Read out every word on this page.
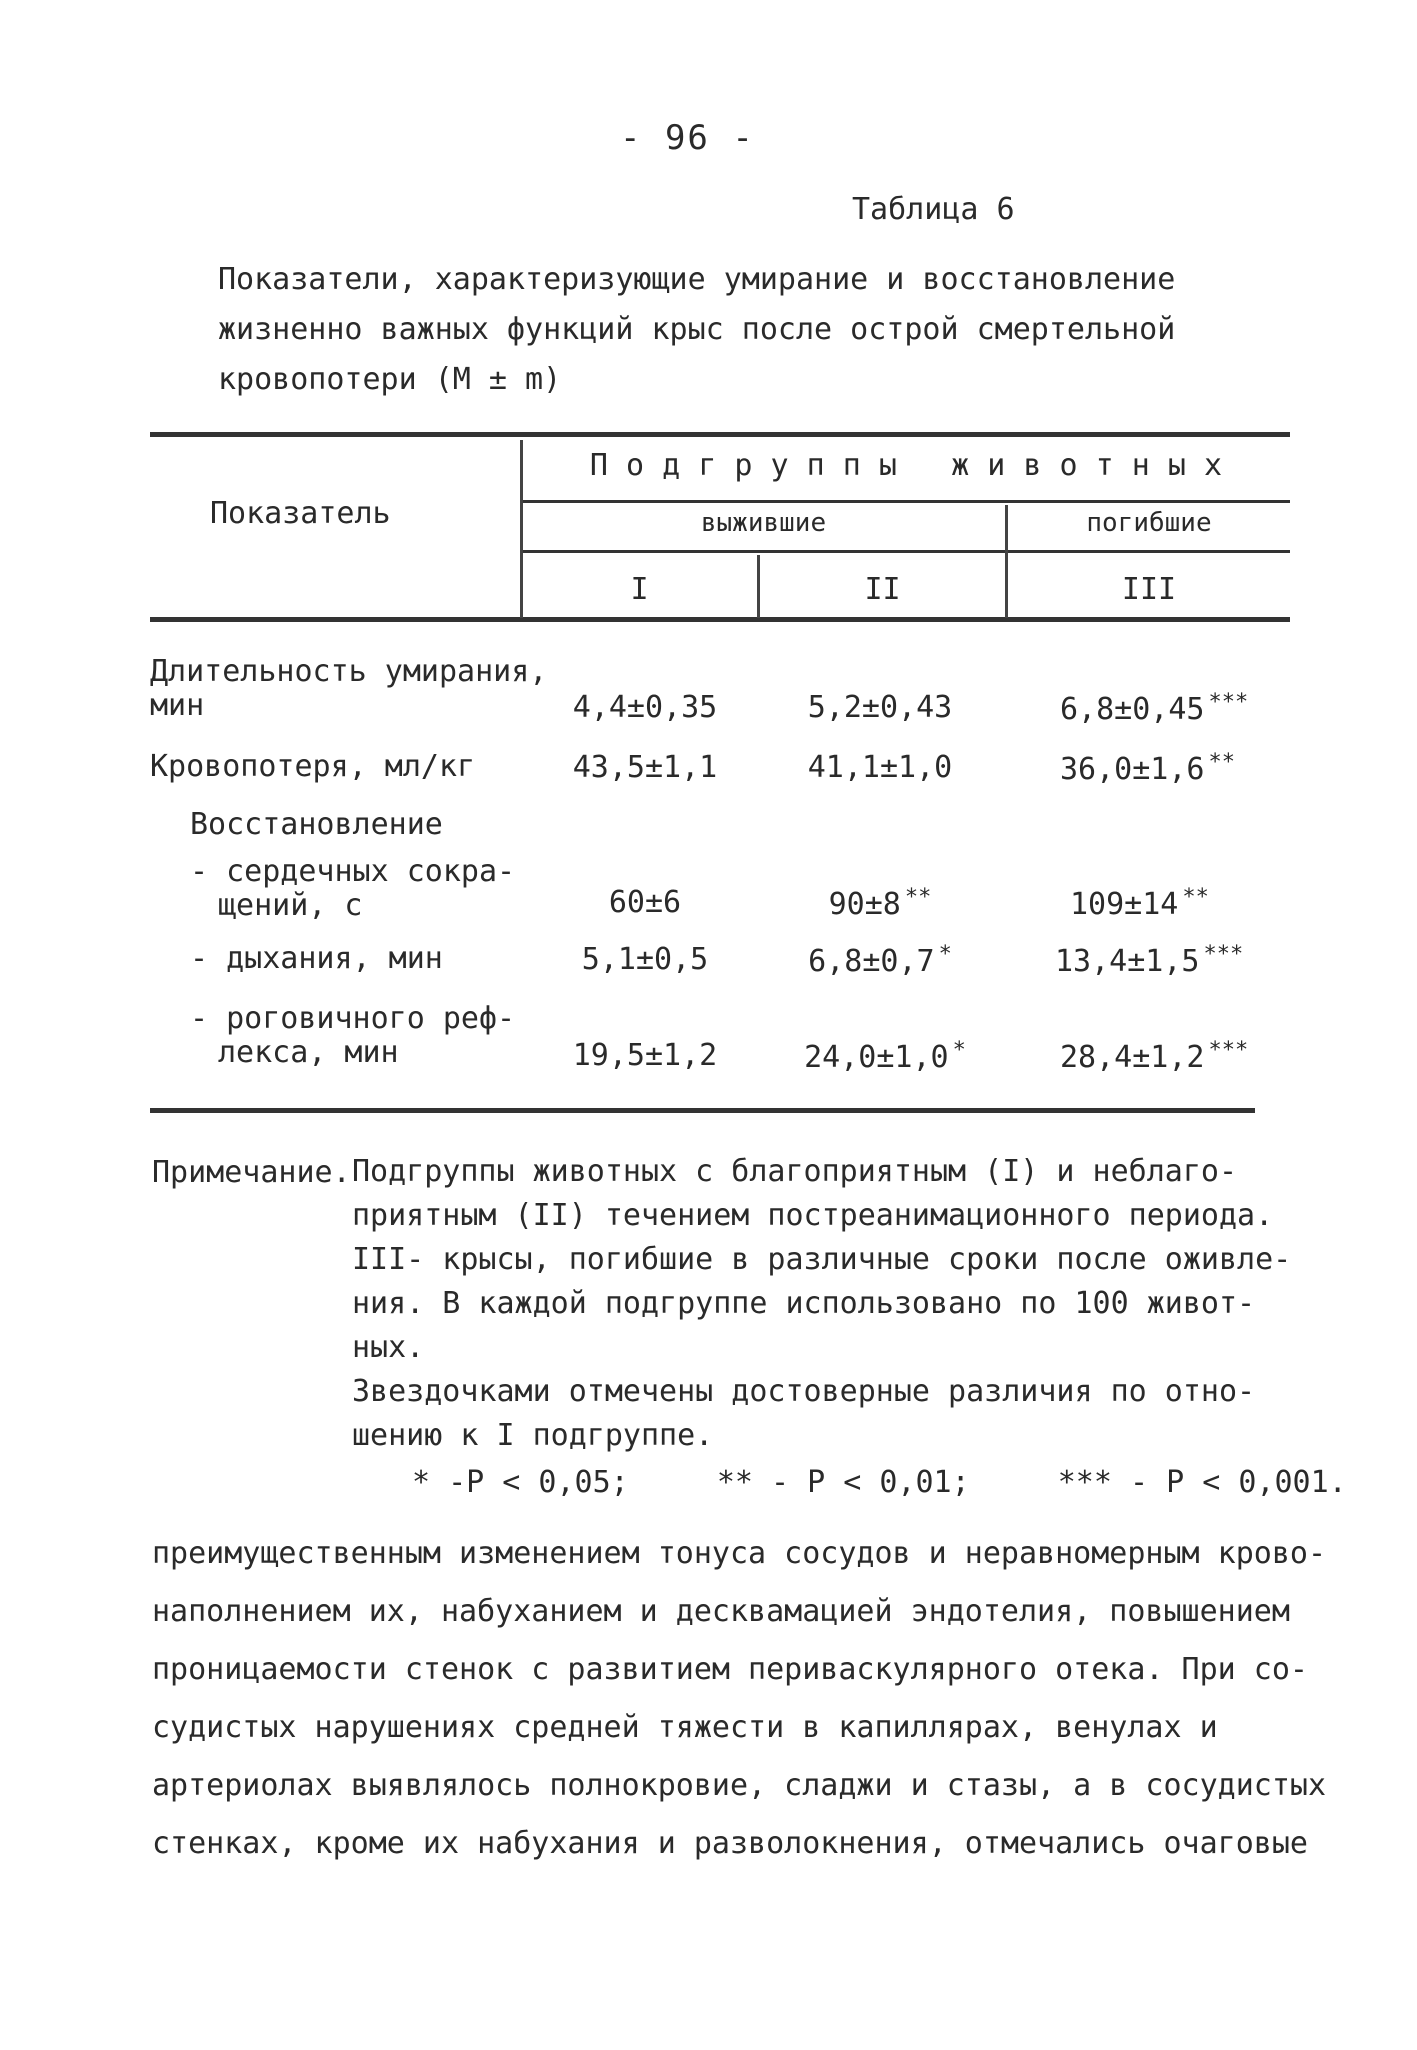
- 96 -
Таблица 6
Показатели, характеризующие умирание и восстановление
жизненно важных функций крыс после острой смертельной
кровопотери (M ± m)
Показатель
П о д г р у п п ы   ж и в о т н ы х
выжившие	погибшие
I	II	III
Длительность умирания,
мин	4,4±0,35	5,2±0,43	6,8±0,45 ***
Кровопотеря, мл/кг	43,5±1,1	41,1±1,0	36,0±1,6 **
Восстановление
- сердечных сокра-
щений, с	60±6	90±8 **	109±14 **
- дыхания, мин	5,1±0,5	6,8±0,7 *	13,4±1,5 ***
- роговичного реф-
лекса, мин	19,5±1,2	24,0±1,0 *	28,4±1,2 ***
Примечание. Подгруппы животных с благоприятным (I) и неблаго-
приятным (II) течением постреанимационного периода.
III- крысы, погибшие в различные сроки после оживле-
ния. В каждой подгруппе использовано по 100 живот-
ных.
Звездочками отмечены достоверные различия по отно-
шению к I подгруппе.
* -P < 0,05;	** - P < 0,01;	*** - P < 0,001.
преимущественным изменением тонуса сосудов и неравномерным крово-
наполнением их, набуханием и десквамацией эндотелия, повышением
проницаемости стенок с развитием периваскулярного отека. При со-
судистых нарушениях средней тяжести в капиллярах, венулах и
артериолах выявлялось полнокровие, сладжи и стазы, а в сосудистых
стенках, кроме их набухания и разволокнения, отмечались очаговые
